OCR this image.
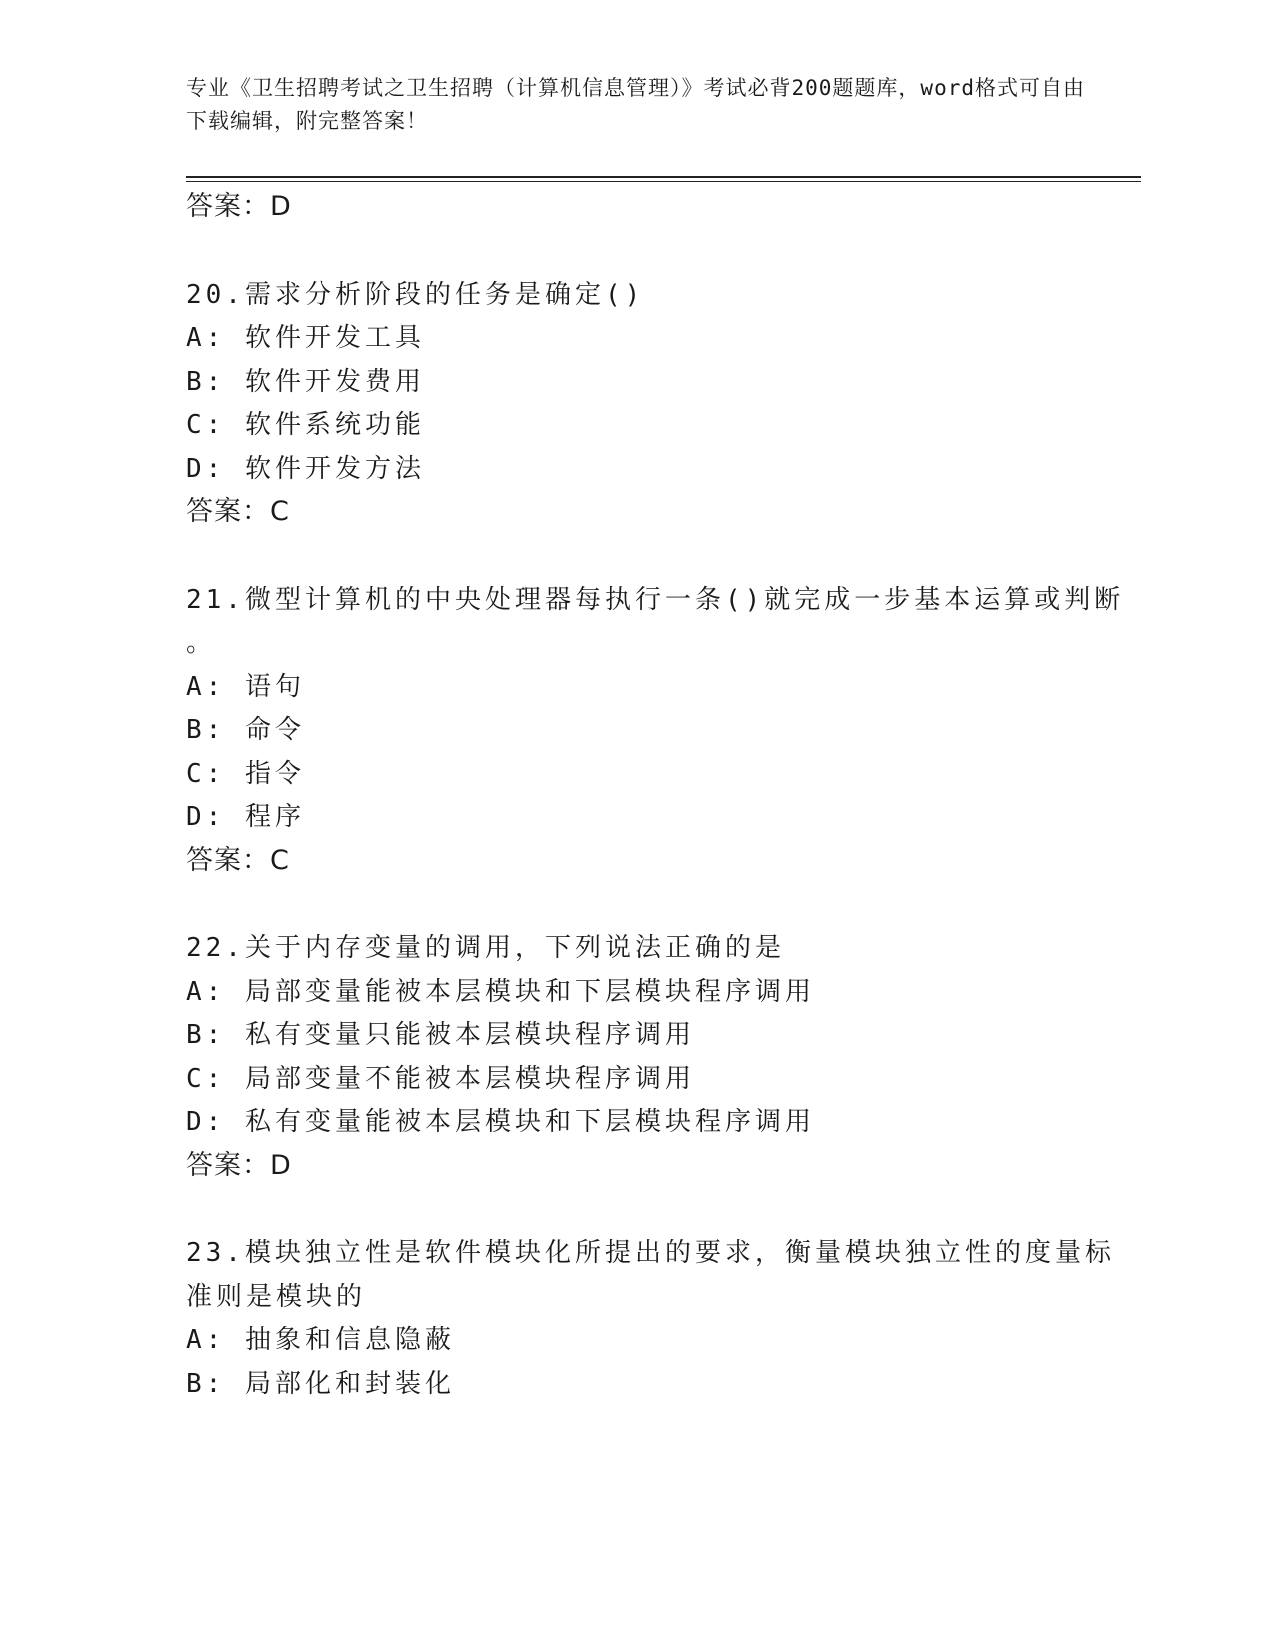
专业《卫生招聘考试之卫生招聘（计算机信息管理）》考试必背200题题库，word格式可自由下载编辑，附完整答案！

答案：D

20.需求分析阶段的任务是确定()

A: 软件开发工具

B: 软件开发费用

C: 软件系统功能

D: 软件开发方法

答案：C

21.微型计算机的中央处理器每执行一条()就完成一步基本运算或判断

。

A: 语句

B: 命令

C: 指令

D: 程序

答案：C

22.关于内存变量的调用，下列说法正确的是

A: 局部变量能被本层模块和下层模块程序调用

B: 私有变量只能被本层模块程序调用

C: 局部变量不能被本层模块程序调用

D: 私有变量能被本层模块和下层模块程序调用

答案：D

23.模块独立性是软件模块化所提出的要求，衡量模块独立性的度量标

准则是模块的

A: 抽象和信息隐蔽

B: 局部化和封装化
